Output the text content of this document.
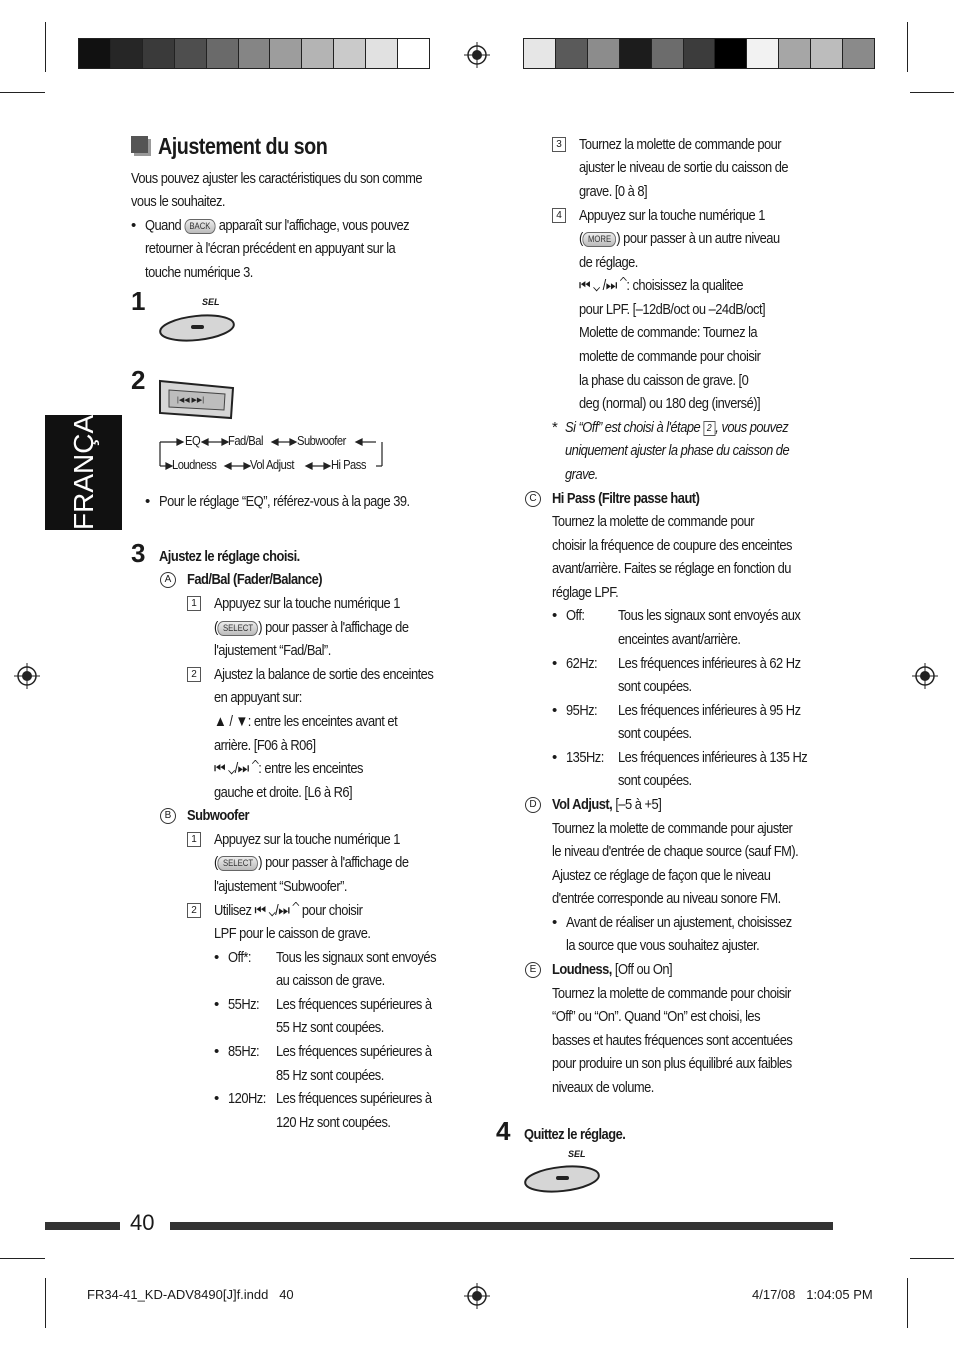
FRANÇAIS
Ajustement du son
Vous pouvez ajuster les caractéristiques du son comme
vous le souhaitez.
• Quand BACK apparaît sur l'affichage, vous pouvez
retourner à l'écran précédent en appuyant sur la
touche numérique 3.
1	SEL
2
|◀◀ ▶▶|
EQ Fad/Bal	Subwoofer
Loudness	Vol Adjust	Hi Pass
• Pour le réglage “EQ”, référez-vous à la page 39.
3 Ajustez le réglage choisi.
A	Fad/Bal (Fader/Balance)
1	Appuyez sur la touche numérique 1
( SELECT ) pour passer à l'affichage de
l'ajustement “Fad/Bal”.
2	Ajustez la balance de sortie des enceintes
en appuyant sur:
▲ / ▼: entre les enceintes avant et
arrière. [F06 à R06]
⏮ ⌄/⏭ ⌃: entre les enceintes
gauche et droite. [L6 à R6]
B	Subwoofer
1	Appuyez sur la touche numérique 1
( SELECT ) pour passer à l'affichage de
l'ajustement “Subwoofer”.
2	Utilisez ⏮ ⌄/⏭ ⌃ pour choisir
LPF pour le caisson de grave.
• Off*: Tous les signaux sont envoyés
au caisson de grave.
• 55Hz: Les fréquences supérieures à
55 Hz sont coupées.
• 85Hz: Les fréquences supérieures à
85 Hz sont coupées.
• 120Hz: Les fréquences supérieures à
120 Hz sont coupées.
3	Tournez la molette de commande pour
ajuster le niveau de sortie du caisson de
grave. [0 à 8]
4	Appuyez sur la touche numérique 1
( MORE ) pour passer à un autre niveau
de réglage.
⏮ ⌄ /⏭ ⌃: choisissez la qualitee
pour LPF. [–12dB/oct ou –24dB/oct]
Molette de commande: Tournez la
molette de commande pour choisir
la phase du caisson de grave. [0
deg (normal) ou 180 deg (inversé)]
* Si “Off” est choisi à l'étape 2 , vous pouvez
uniquement ajuster la phase du caisson de
grave.
C Hi Pass (Filtre passe haut)
Tournez la molette de commande pour
choisir la fréquence de coupure des enceintes
avant/arrière. Faites se réglage en fonction du
réglage LPF.
• Off: Tous les signaux sont envoyés aux
enceintes avant/arrière.
• 62Hz: Les fréquences inférieures à 62 Hz
sont coupées.
• 95Hz: Les fréquences inférieures à 95 Hz
sont coupées.
• 135Hz: Les fréquences inférieures à 135 Hz
sont coupées.
D Vol Adjust, [–5 à +5]
Tournez la molette de commande pour ajuster
le niveau d'entrée de chaque source (sauf FM).
Ajustez ce réglage de façon que le niveau
d'entrée corresponde au niveau sonore FM.
• Avant de réaliser un ajustement, choisissez
la source que vous souhaitez ajuster.
E	Loudness, [Off ou On]
Tournez la molette de commande pour choisir
“Off” ou “On”. Quand “On” est choisi, les
basses et hautes fréquences sont accentuées
pour produire un son plus équilibré aux faibles
niveaux de volume.
4 Quittez le réglage.
SEL
40
FR34-41_KD-ADV8490[J]f.indd   40	4/17/08   1:04:05 PM
